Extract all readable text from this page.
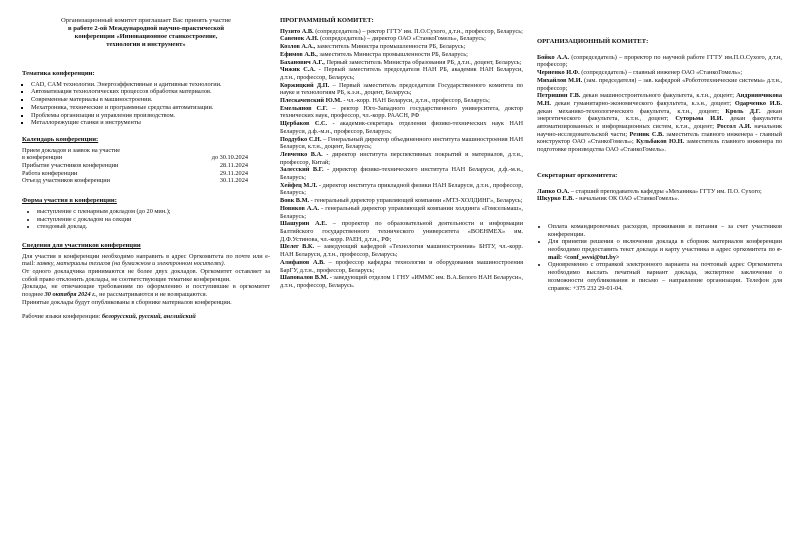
Организационный комитет приглашает Вас принять участие
в работе 2-ой Международной научно-практической
конференции «Инновационное станкостроение,
технологии и инструмент»
Тематика конференции:
▪ CAD, CAM технологии. Энергоэффективные и адитивные технологии.
▪ Автоматизация технологических процессов обработки материалов.
▪ Современные материалы в машиностроении.
▪ Мехатроника, технические и программные средства автоматизации.
▪ Проблемы организации и управления производством.
▪ Металлорежущие станки и инструменты
Календарь конференции:
Прием докладов и заявок на участие
в конференции	до 30.10.2024
Прибытие участников конференции	28.11.2024
Работа конференции	29.11.2024
Отъезд участников конференции	30.11.2024
Форма участия в конференции:
• выступление с пленарным докладом (до 20 мин.);
• выступление с докладом на секции
• стендовый доклад.
Сведения для участников конференции

Для участия в конференции необходимо направить в адрес Оргкомитета по почте или e-mail: заявку, материалы тезисов (на бумажном и электронном носителях).

От одного докладчика принимаются не более двух докладов. Оргкомитет оставляет за собой право отклонить доклады, не соответствующие тематике конференции.

Доклады, не отвечающие требованиям по оформлению и поступившие в оргкомитет позднее 30 октября 2024 г., не рассматриваются и не возвращаются.

Принятые доклады будут опубликованы в сборнике материалов конференции.

Рабочие языки конференции: белорусский, русский, английский

ПРОГРАММНЫЙ КОМИТЕТ:

Пузято А.В. (сопредседатель) – ректор ГГТУ им. П.О.Сухого, д.т.н., профессор, Беларусь;

Савенок А.Н. (сопредседатель) – директор ОАО «СтанкоГомель», Беларусь;

Козлов А.А., заместитель Министра промышленности РБ, Беларусь;

Ефимов А.В., заместитель Министра промышленности РБ, Беларусь;

Баханович А.Г., Первый заместитель Министра образования РБ, д.т.н., доцент, Беларусь;

Чижик С.А. - Первый заместитель председателя НАН РБ, академик НАН Беларуси, д.т.н., профессор, Беларусь;

Коржицкий Д.П. – Первый заместитель председателя Государственного комитета по науке и технологиям РБ, к.э.н., доцент, Беларусь;

Плескачевский Ю.М. - чл.-корр. НАН Беларуси, д.т.н., профессор, Беларусь;

Емельянов С.Г. – ректор Юго-Западного государственного университета, доктор технических наук, профессор, чл.-корр. РААСН, РФ

Щербаков С.С. - академик-секретарь отделения физико-технических наук НАН Беларуси, д.ф.-м.н., профессор, Беларусь;

Поддубко С.Н. – Генеральный директор объединенного института машиностроения НАН Беларуси, к.т.н., доцент, Беларусь;

Левченко В.А. - директор института перспективных покрытий и материалов, д.т.н., профессор, Китай;

Залесский В.Г. - директор физико-технического института НАН Беларуси, д.ф.-м.н., Беларусь;

Хейфец М.Л. - директор института прикладной физики НАН Беларуси, д.т.н., профессор, Беларусь;

Вовк В.М. - генеральный директор управляющей компании «МТЗ-ХОЛДИНГ», Беларусь;

Новиков А.А. - генеральный директор управляющей компании холдинга «Гомсельмаш», Беларусь;

Шашурин А.Е. – проректор по образовательной деятельности и информации Балтийского государственного технического университета «ВОЕНМЕХ» им. Д.Ф.Устинова, чл.-корр. РАЕН, д.т.н., РФ;

Шелег В.К. – заведующий кафедрой «Технология машиностроения» БНТУ, чл.-корр. НАН Беларуси, д.т.н., профессор, Беларусь;

Алифанов А.В. – профессор кафедры технологии и оборудования машиностроения БарГУ, д.т.н., профессор, Беларусь;

Шаповалов В.М. - заведующий отделом 1 ГНУ «ИММС им. В.А.Белого НАН Беларуси», д.т.н., профессор, Беларусь.

ОРГАНИЗАЦИОННЫЙ КОМИТЕТ:

Бойко А.А. (сопредседатель) – проректор по научной работе ГГТУ им.П.О.Сухого, д.т.н, профессор;

Черненко И.Ф. (сопредседатель) – главный инженер ОАО «СтанкоГомель»;

Михайлов М.И. (зам. председателя) – зав. кафедрой «Робототехнические системы» д.т.н., профессор;

Петришин Г.В. декан машиностроительного факультета, к.т.н., доцент; Андриянчикова М.Н. декан гуманитарно-экономического факультета, к.э.н., доцент; Одарченко И.Б. декан механико-технологического факультета, к.т.н., доцент; Кроль Д.Г. декан энергетического факультета, к.т.н., доцент; Суторьма И.И. декан факультета автоматизированных и информационных систем, к.т.н., доцент; Россол А.И. начальник научно-исследовательской части; Резник С.В. заместитель главного инженера - главный конструктор ОАО «СтанкоГомель»; Кульбаков Ю.Н. заместитель главного инженера по подготовке производства ОАО «СтанкоГомель».

Секретариат оргкомитета:

Лапко О.А. – старший преподаватель кафедры «Механика» ГГТУ им. П.О. Сухого;

Шкурко Е.В. - начальник ОК ОАО «СтанкоГомель».

• Оплата командировочных расходов, проживания и питания – за счет участников конференции.
• Для принятия решения о включении доклада в сборник материалов конференции необходимо предоставить текст доклада и карту участника в адрес оргкомитета по e-mail: <conf_ssvsi@tut.by>
• Одновременно с отправкой электронного варианта на почтовый адрес Оргкомитета необходимо выслать печатный вариант доклада, экспертное заключение о возможности опубликования и письмо – направление организации. Телефон для справок: +375 232 29-01-04.
